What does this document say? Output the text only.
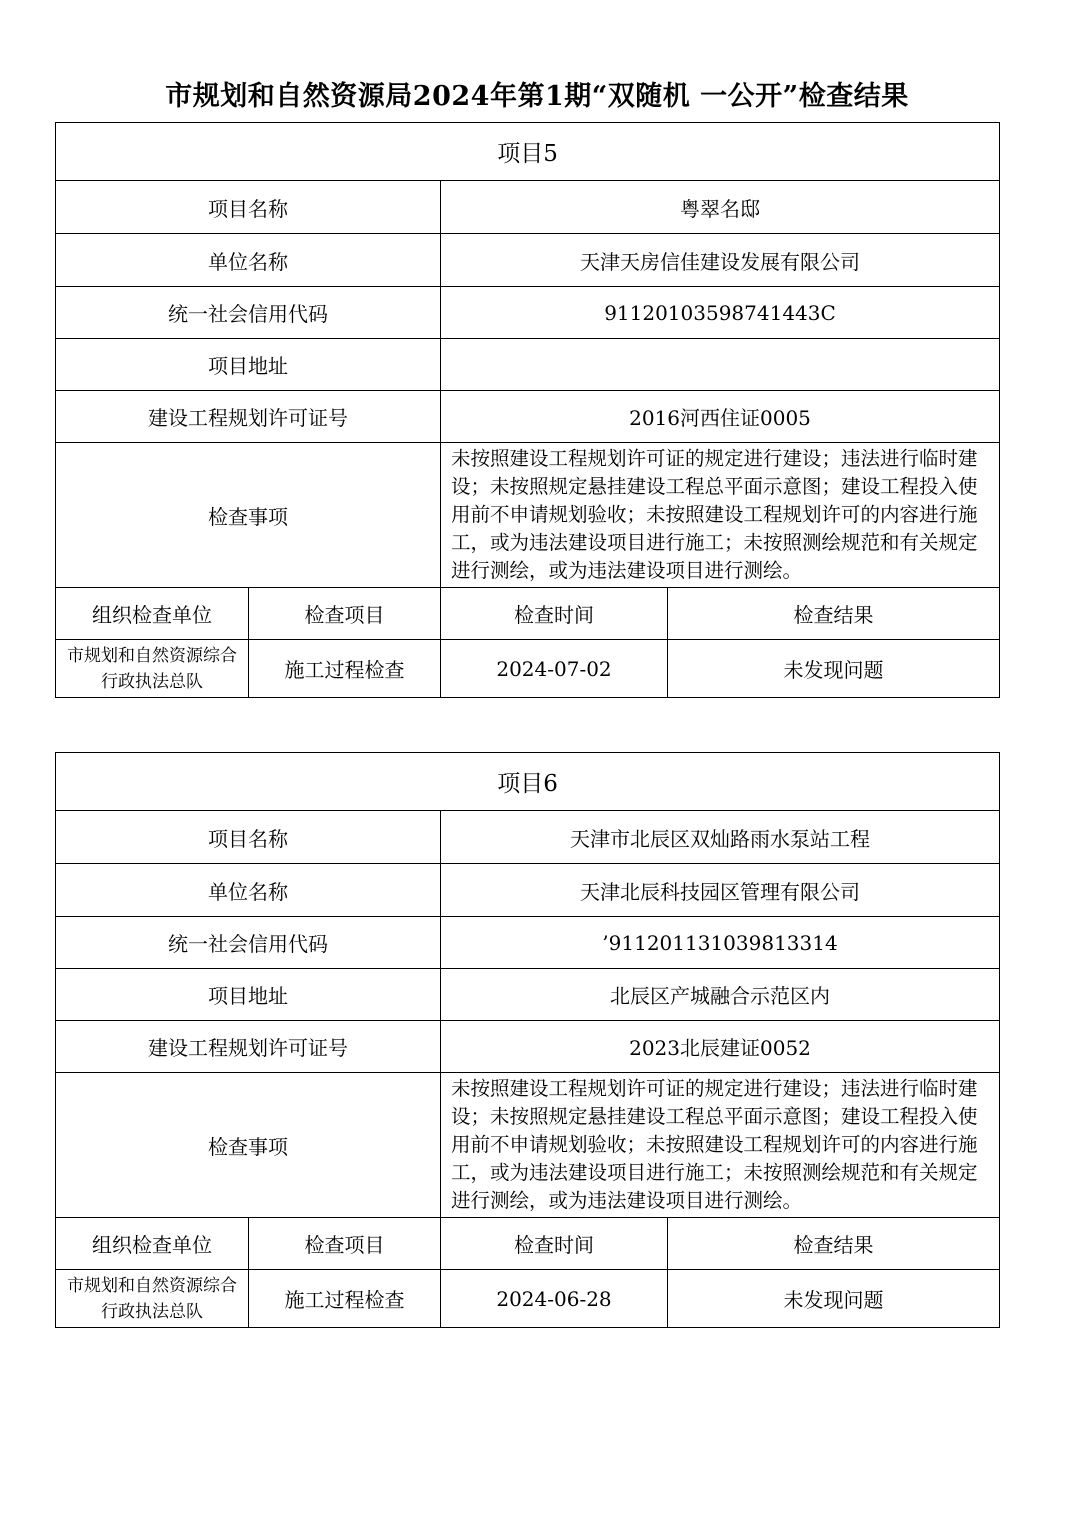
市规划和自然资源局2024年第1期“双随机 一公开”检查结果
项目5			
项目名称		粤翠名邸	
单位名称		天津天房信佳建设发展有限公司	
统一社会信用代码		91120103598741443C	
项目地址			
建设工程规划许可证号		2016河西住证0005	
检查事项		未按照建设工程规划许可证的规定进行建设；违法进行临时建设；未按照规定悬挂建设工程总平面示意图；建设工程投入使用前不申请规划验收；未按照建设工程规划许可的内容进行施工，或为违法建设项目进行施工；未按照测绘规范和有关规定进行测绘，或为违法建设项目进行测绘。	
组织检查单位	检查项目	检查时间	检查结果
市规划和自然资源综合行政执法总队	施工过程检查	2024-07-02	未发现问题
项目6			
项目名称		天津市北辰区双灿路雨水泵站工程	
单位名称		天津北辰科技园区管理有限公司	
统一社会信用代码		’911201131039813314	
项目地址		北辰区产城融合示范区内	
建设工程规划许可证号		2023北辰建证0052	
检查事项		未按照建设工程规划许可证的规定进行建设；违法进行临时建设；未按照规定悬挂建设工程总平面示意图；建设工程投入使用前不申请规划验收；未按照建设工程规划许可的内容进行施工，或为违法建设项目进行施工；未按照测绘规范和有关规定进行测绘，或为违法建设项目进行测绘。	
组织检查单位	检查项目	检查时间	检查结果
市规划和自然资源综合行政执法总队	施工过程检查	2024-06-28	未发现问题
